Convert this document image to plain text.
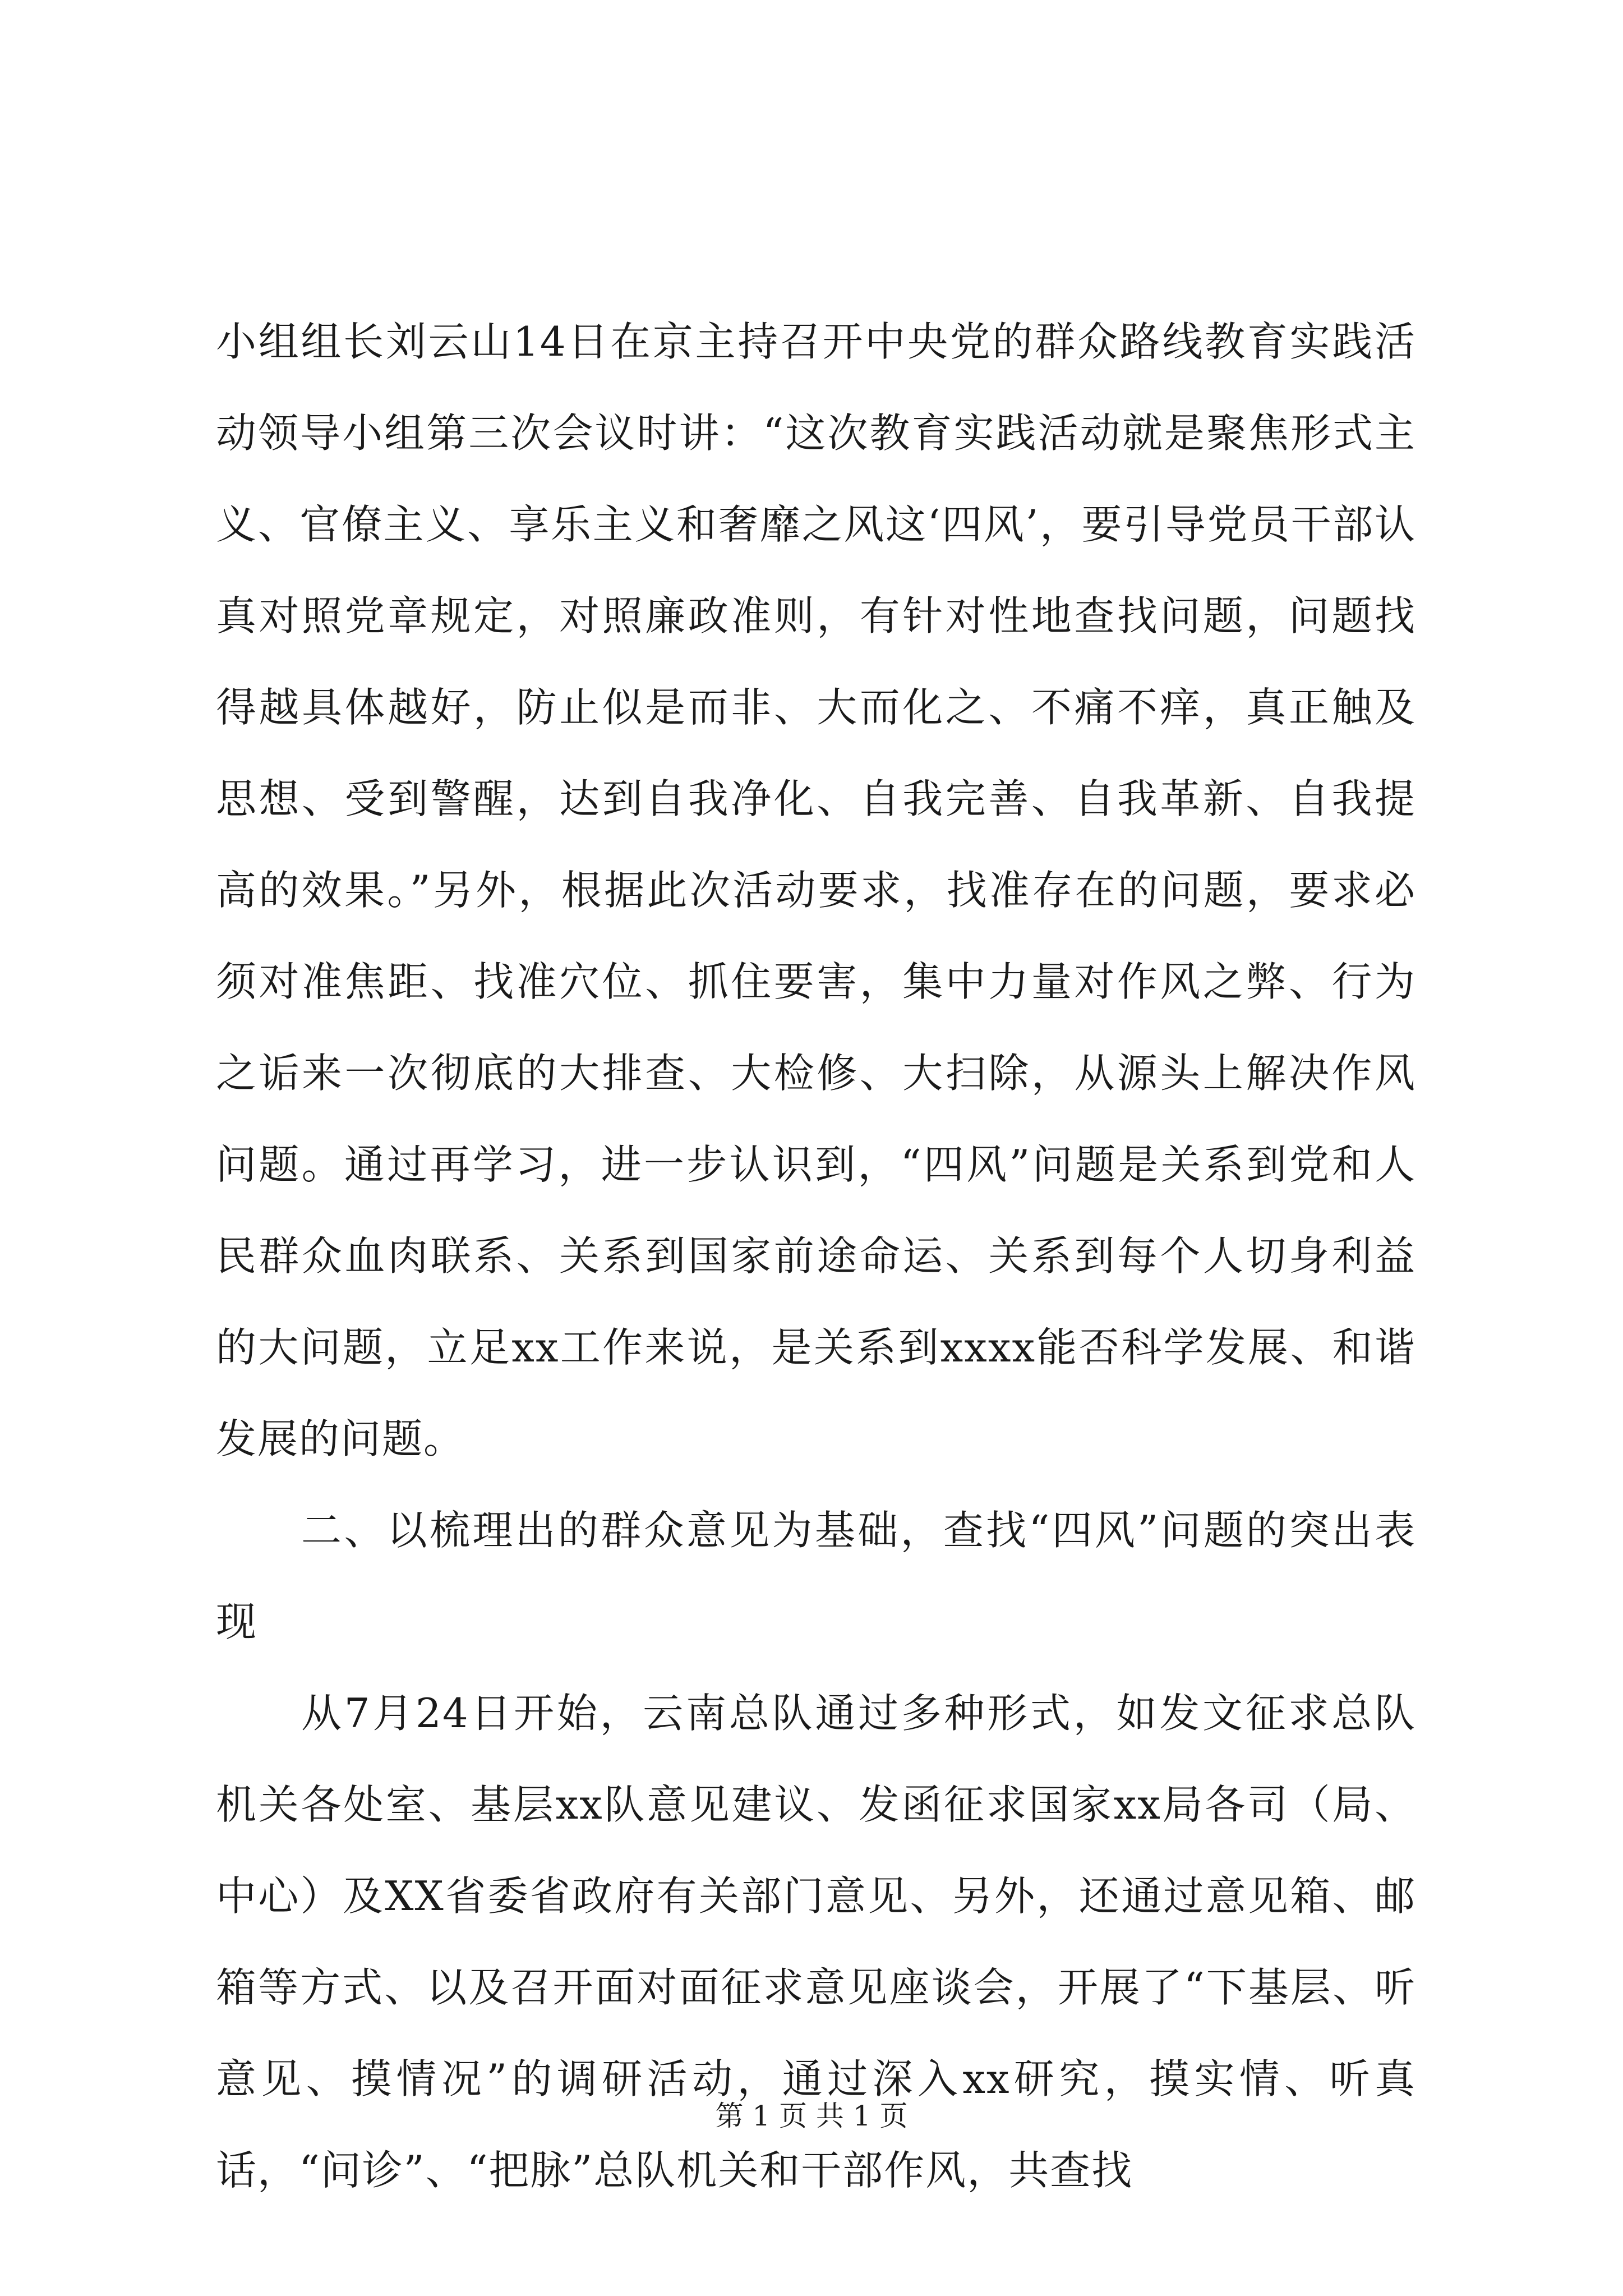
小组组长刘云山14日在京主持召开中央党的群众路线教育实践活动领导小组第三次会议时讲：“这次教育实践活动就是聚焦形式主义、官僚主义、享乐主义和奢靡之风这‘四风’，要引导党员干部认真对照党章规定，对照廉政准则，有针对性地查找问题，问题找得越具体越好，防止似是而非、大而化之、不痛不痒，真正触及思想、受到警醒，达到自我净化、自我完善、自我革新、自我提高的效果。”另外，根据此次活动要求，找准存在的问题，要求必须对准焦距、找准穴位、抓住要害，集中力量对作风之弊、行为之诟来一次彻底的大排查、大检修、大扫除，从源头上解决作风问题。通过再学习，进一步认识到，“四风”问题是关系到党和人民群众血肉联系、关系到国家前途命运、关系到每个人切身利益的大问题，立足xx工作来说，是关系到xxxx能否科学发展、和谐发展的问题。

二、以梳理出的群众意见为基础，查找“四风”问题的突出表现

从7月24日开始，云南总队通过多种形式，如发文征求总队机关各处室、基层xx队意见建议、发函征求国家xx局各司（局、中心）及XX省委省政府有关部门意见、另外，还通过意见箱、邮箱等方式、以及召开面对面征求意见座谈会，开展了“下基层、听意见、摸情况”的调研活动，通过深入xx研究，摸实情、听真话，“问诊”、“把脉”总队机关和干部作风，共查找

第 1 页 共 1 页
